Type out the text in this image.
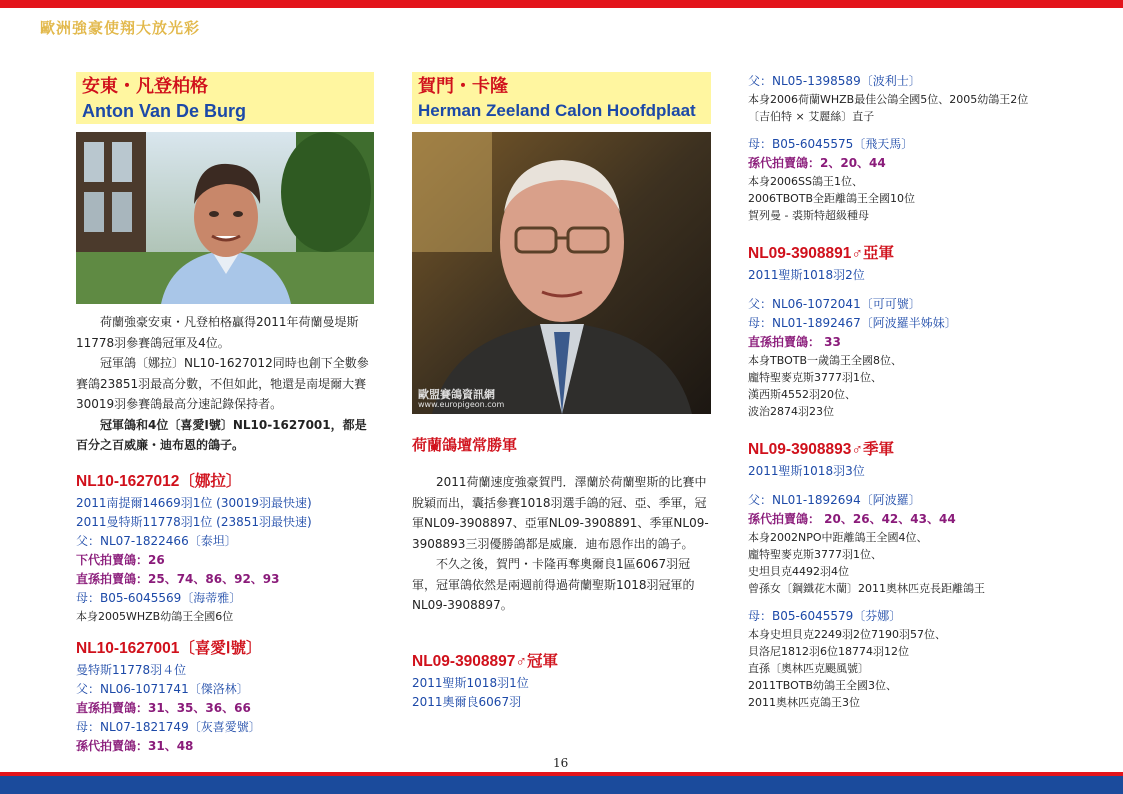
歐洲強豪使翔大放光彩
安東・凡登柏格
Anton Van De Burg

荷蘭強豪安東・凡登柏格贏得2011年荷蘭曼堤斯11778羽參賽鴿冠軍及4位。

冠軍鴿〔娜拉〕NL10-1627012同時也創下全數參賽鴿23851羽最高分數，不但如此，牠還是南堤爾大賽30019羽參賽鴿最高分速記錄保持者。

冠軍鴿和4位〔喜愛Ⅰ號〕NL10-1627001，都是百分之百威廉・迪布恩的鴿子。

NL10-1627012〔娜拉〕
2011南提爾14669羽1位 (30019羽最快速)
2011曼特斯11778羽1位 (23851羽最快速)
父：NL07-1822466〔泰坦〕
下代拍賣鴿：26
直孫拍賣鴿：25、74、86、92、93
母：B05-6045569〔海蒂雅〕
本身2005WHZB幼鴿王全國6位
NL10-1627001〔喜愛Ⅰ號〕
曼特斯11778羽４位
父：NL06-1071741〔傑洛林〕
直孫拍賣鴿：31、35、36、66
母：NL07-1821749〔灰喜愛號〕
孫代拍賣鴿：31、48
賀門・卡隆
Herman Zeeland Calon Hoofdplaat
歐盟賽鴿資訊網
www.europigeon.com
荷蘭鴿壇常勝軍

2011荷蘭速度強豪賀門．澤蘭於荷蘭聖斯的比賽中脫穎而出，囊括參賽1018羽選手鴿的冠、亞、季軍，冠軍NL09-3908897、亞軍NL09-3908891、季軍NL09-3908893三羽優勝鴿都是威廉．迪布恩作出的鴿子。

不久之後，賀門・卡隆再奪奧爾良1區6067羽冠軍，冠軍鴿依然是兩週前得過荷蘭聖斯1018羽冠軍的NL09-3908897。

NL09-3908897♂冠軍
2011聖斯1018羽1位
2011奧爾良6067羽
父：NL05-1398589〔波利士〕
本身2006荷蘭WHZB最佳公鴿全國5位、2005幼鴿王2位
〔吉伯特 × 艾麗絲〕直子
母：B05-6045575〔飛天馬〕
孫代拍賣鴿：2、20、44
本身2006SS鴿王1位、
2006TBOTB全距離鴿王全國10位
賀列曼 - 裘斯特超級種母
NL09-3908891♂亞軍
2011聖斯1018羽2位
父：NL06-1072041〔可可號〕
母：NL01-1892467〔阿波羅半姊妹〕
直孫拍賣鴿： 33
本身TBOTB一歲鴿王全國8位、
龐特聖麥克斯3777羽1位、
漢西斯4552羽20位、
波治2874羽23位
NL09-3908893♂季軍
2011聖斯1018羽3位
父：NL01-1892694〔阿波羅〕
孫代拍賣鴿： 20、26、42、43、44
本身2002NPO中距離鴿王全國4位、
龐特聖麥克斯3777羽1位、
史坦貝克4492羽4位
曾孫女〔鋼鐵花木蘭〕2011奧林匹克長距離鴿王
母：B05-6045579〔芬娜〕
本身史坦貝克2249羽2位7190羽57位、
貝洛尼1812羽6位18774羽12位
直孫〔奧林匹克颶風號〕
2011TBOTB幼鴿王全國3位、
2011奧林匹克鴿王3位
16
